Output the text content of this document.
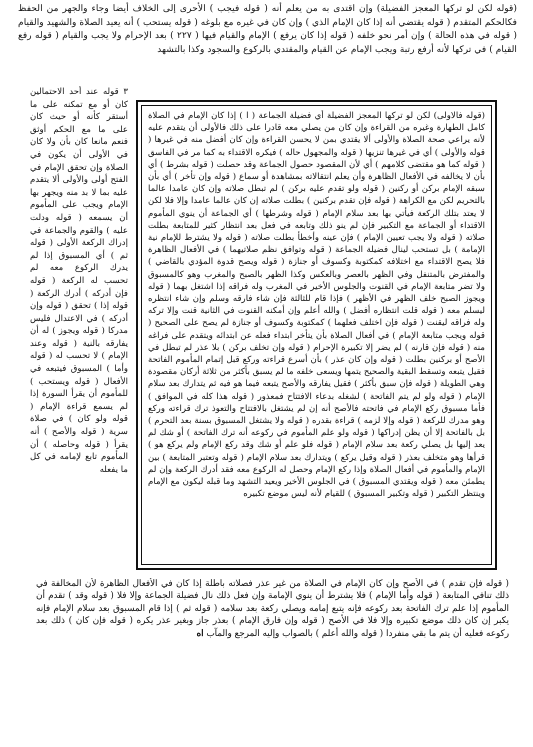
(قوله لكن لو تركها المعجز الفضيلة) وإن اقتدى به من يعلم أنه ( قوله فيجب ) الأحرى إلى الخلاف أيضا وجاء والجهر من الحفظ فكالحكم المتقدم ( قوله يقتضي أنه إذا كان الإمام الذي ) وإن كان في غيره مع بلوغه ( قوله يستحب ) أنه يعيد الصلاة والشهيد والقيام ( قوله في هذه الحالة ) وإن أمر نحو خلفه ( قوله إذا كان يرفع ) الإمام والقيام فيها ( ٢٢٧ ) بعد الإحرام ولا يجب والقيام ( قوله رفع القيام ) في تركها لأنه أرفع رتبة ويجب الإمام عن القيام والمقتدي بالركوع والسجود وكذا بالتشهد
٣ قوله عند أحد الاحتمالين كان أو مع تمكنه على ما أستقر كأنه أو حيث كان على ما مع الحكم أوثق فنعم مانعا كان بأن ولا كان في الأولى أن يكون في الصلاة وإن تحقق الإمام في الفتح أولى والأولى ألا يتقدم عليه بما لا بد منه ويجهر بها الإمام ويجب على المأموم أن يسمعه ( قوله ودلت عليه ) والقوم والجماعة في إدراك الركعة الأولى ( قوله ثم ) أي المسبوق إذا لم يدرك الركوع معه لم تحسب له الركعة ( قوله فإن أدركه ) أدرك الركعة ( قوله إذا ) تحقق ( قوله وإن أدركه ) في الاعتدال فليس مدركا ( قوله ويجوز ) له أن يفارقه بالنية ( قوله وعند الإمام ) لا تحسب له ( قوله وأما ) المسبوق فيتبعه في الأفعال ( قوله ويستحب ) للمأموم أن يقرأ السورة إذا لم يسمع قراءة الإمام ( قوله ولو كان ) في صلاة سرية ( قوله والأصح ) أنه يقرأ ( قوله وحاصله ) أن المأموم تابع لإمامه في كل ما يفعله
(قوله فالاولى) لكن لو تركها المعجز الفضيلة أي فضيلة الجماعة ( ا ) إذا كان الإمام في الصلاة كامل الطهارة وغيره من القراءة وإن كان من يصلي معه قادرا على ذلك فالأولى أن يتقدم عليه لأنه يراعي صحة الصلاة والأولى ألا يقتدي بمن لا يحسن القراءة وإن كان أفضل منه في غيرها ( قوله والأولى ) أي في غيرها تنزيها ( قوله والمجهول حاله ) فيكره الاقتداء به كما مر في الفاسق ( قوله كما هو مقتضى كلامهم ) أي لأن المقصود حصول الجماعة وقد حصلت ( قوله بشرط ) أي بأن لا يخالفه في الأفعال الظاهرة وأن يعلم انتقالاته بمشاهدة أو سماع ( قوله وإن تأخر ) أي بأن سبقه الإمام بركن أو ركنين ( قوله ولو تقدم عليه بركن ) لم تبطل صلاته وإن كان عامدا عالما بالتحريم لكن مع الكراهة ( قوله فإن تقدم بركنين ) بطلت صلاته إن كان عالما عامدا وإلا فلا لكن لا يعتد بتلك الركعة فيأتي بها بعد سلام الإمام ( قوله وشرطها ) أي الجماعة أن ينوي المأموم الاقتداء أو الجماعة مع التكبير فإن لم ينو ذلك وتابعه في فعل بعد انتظار كثير للمتابعة بطلت صلاته ( قوله ولا يجب تعيين الإمام ) فإن عينه وأخطأ بطلت صلاته ( قوله ولا يشترط للإمام نية الإمامة ) بل تستحب لينال فضيلة الجماعة ( قوله وتوافق نظم صلاتيهما ) في الأفعال الظاهرة فلا يصح الاقتداء مع اختلافه كمكتوبة وكسوف أو جنازة ( قوله ويصح قدوة المؤدي بالقاضي ) والمفترض بالمتنفل وفي الظهر بالعصر وبالعكس وكذا الظهر بالصبح والمغرب وهو كالمسبوق ولا تضر متابعة الإمام في القنوت والجلوس الأخير في المغرب وله فراقه إذا اشتغل بهما ( قوله ويجوز الصبح خلف الظهر في الأظهر ) فإذا قام للثالثة فإن شاء فارقه وسلم وإن شاء انتظره ليسلم معه ( قوله قلت انتظاره أفضل ) والله أعلم وإن أمكنه القنوت في الثانية قنت وإلا تركه وله فراقه ليقنت ( قوله فإن اختلف فعلهما ) كمكتوبة وكسوف أو جنازة لم يصح على الصحيح ( قوله ويجب متابعة الإمام ) في أفعال الصلاة بأن يتأخر ابتداء فعله عن ابتدائه ويتقدم على فراغه منه ( قوله فإن قارنه ) لم يضر إلا تكبيرة الإحرام ( قوله وإن تخلف بركن ) بلا عذر لم تبطل في الأصح أو بركنين بطلت ( قوله وإن كان عذر ) بأن أسرع قراءته وركع قبل إتمام المأموم الفاتحة فقيل يتبعه وتسقط البقية والصحيح يتمها ويسعى خلفه ما لم يسبق بأكثر من ثلاثة أركان مقصودة وهي الطويلة ( قوله فإن سبق بأكثر ) فقيل يفارقه والأصح يتبعه فيما هو فيه ثم يتدارك بعد سلام الإمام ( قوله ولو لم يتم الفاتحة ) لشغله بدعاء الافتتاح فمعذور ( قوله هذا كله في الموافق ) فأما مسبوق ركع الإمام في فاتحته فالأصح أنه إن لم يشتغل بالافتتاح والتعوذ ترك قراءته وركع وهو مدرك للركعة ( قوله وإلا لزمه ) قراءة بقدره ( قوله ولا يشتغل المسبوق بسنة بعد التحرم ) بل بالفاتحة إلا أن يظن إدراكها ( قوله ولو علم المأموم في ركوعه أنه ترك الفاتحة ) أو شك لم يعد إليها بل يصلي ركعة بعد سلام الإمام ( قوله فلو علم أو شك وقد ركع الإمام ولم يركع هو ) قرأها وهو متخلف بعذر ( قوله وقيل يركع ) ويتدارك بعد سلام الإمام ( قوله وتعتبر المتابعة ) بين الإمام والمأموم في أفعال الصلاة وإذا ركع الإمام وحصل له الركوع معه فقد أدرك الركعة وإن لم يطمئن معه ( قوله ويقتدي المسبوق ) في الجلوس الأخير ويعيد التشهد وما قبله ليكون مع الإمام وينتظر التكبير ( قوله وتكبير المسبوق ) للقيام لأنه ليس موضع تكبيره
( قوله فإن تقدم ) في الأصح وإن كان الإمام في الصلاة من غير عذر فصلاته باطلة إذا كان في الأفعال الظاهرة لأن المخالفة في ذلك تنافي المتابعة ( قوله وأما الإمام ) فلا يشترط أن ينوي الإمامة وإن فعل ذلك نال فضيلة الجماعة وإلا فلا ( قوله وقد ) تقدم أن المأموم إذا علم ترك الفاتحة بعد ركوعه فإنه يتبع إمامه ويصلي ركعة بعد سلامه ( قوله ثم ) إذا قام المسبوق بعد سلام الإمام فإنه يكبر إن كان ذلك موضع تكبيره وإلا فلا في الأصح ( قوله وإن فارق الإمام ) بعذر جاز وبغير عذر يكره ( قوله فإن كان ) ذلك بعد ركوعه فعليه أن يتم ما بقي منفردا ( قوله والله أعلم ) بالصواب وإليه المرجع والمآب اه
